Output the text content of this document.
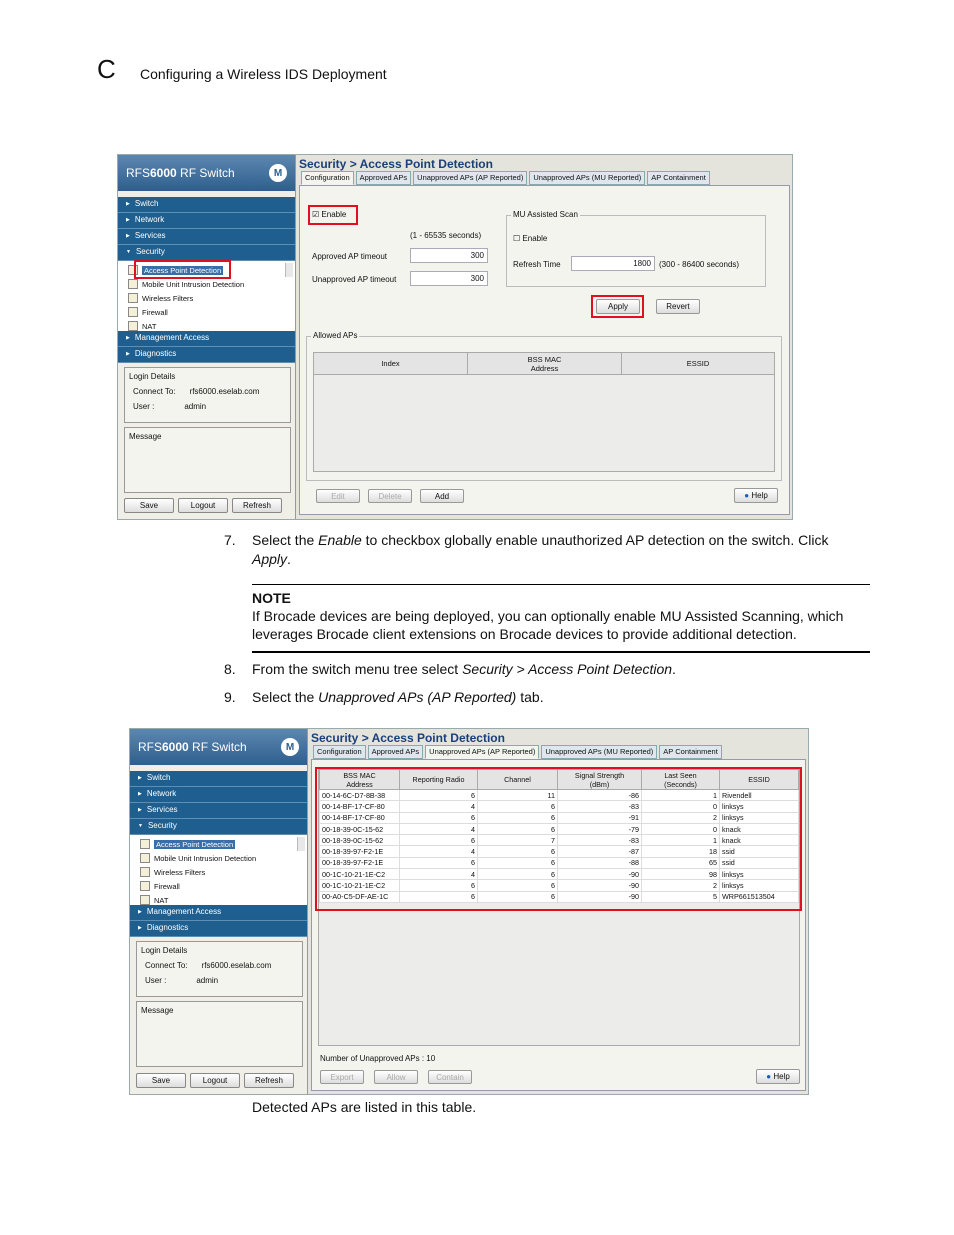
C Configuring a Wireless IDS Deployment
RFS6000 RF Switch	M
▶ Switch
▶ Network
▶ Services
▼ Security
Access Point Detection
Mobile Unit Intrusion Detection
Wireless Filters
Firewall
NAT
▶ Management Access
▶ Diagnostics
Login Details
Connect To: rfs6000.eselab.com
User :	admin
Message
Save	Logout	Refresh
Security > Access Point Detection
Configuration	Approved APs	Unapproved APs (AP Reported)	Unapproved APs (MU Reported)	AP Containment
☑ Enable
(1 - 65535 seconds)
Approved AP timeout	300
Unapproved AP timeout	300
MU Assisted Scan
☐ Enable
Refresh Time	1800	(300 - 86400 seconds)
Apply	Revert
Allowed APs
Index	BSS MAC Address	ESSID
Edit	Delete	Add	● Help
7. Select the Enable to checkbox globally enable unauthorized AP detection on the switch. Click Apply.
NOTE
If Brocade devices are being deployed, you can optionally enable MU Assisted Scanning, which leverages Brocade client extensions on Brocade devices to provide additional detection.
8. From the switch menu tree select Security > Access Point Detection.
9. Select the Unapproved APs (AP Reported) tab.
RFS6000 RF Switch	M
▶ Switch
▶ Network
▶ Services
▼ Security
Access Point Detection
Mobile Unit Intrusion Detection
Wireless Filters
Firewall
NAT
▶ Management Access
▶ Diagnostics
Login Details
Connect To: rfs6000.eselab.com
User :	admin
Message
Save	Logout	Refresh
Security > Access Point Detection
Configuration	Approved APs	Unapproved APs (AP Reported)	Unapproved APs (MU Reported)	AP Containment
BSS MAC Address	Reporting Radio	Channel	Signal Strength (dBm)	Last Seen (Seconds)	ESSID
00-14-6C-D7-8B-38	6	11	-86	1	Rivendell
00-14-BF-17-CF-80	4	6	-83	0	linksys
00-14-BF-17-CF-80	6	6	-91	2	linksys
00-18-39-0C-15-62	4	6	-79	0	knack
00-18-39-0C-15-62	6	7	-83	1	knack
00-18-39-97-F2-1E	4	6	-87	18	ssid
00-18-39-97-F2-1E	6	6	-88	65	ssid
00-1C-10-21-1E-C2	4	6	-90	98	linksys
00-1C-10-21-1E-C2	6	6	-90	2	linksys
00-A0-C5-DF-AE-1C	6	6	-90	5	WRP661513504
Number of Unapproved APs : 10
Export	Allow	Contain	● Help
Detected APs are listed in this table.
